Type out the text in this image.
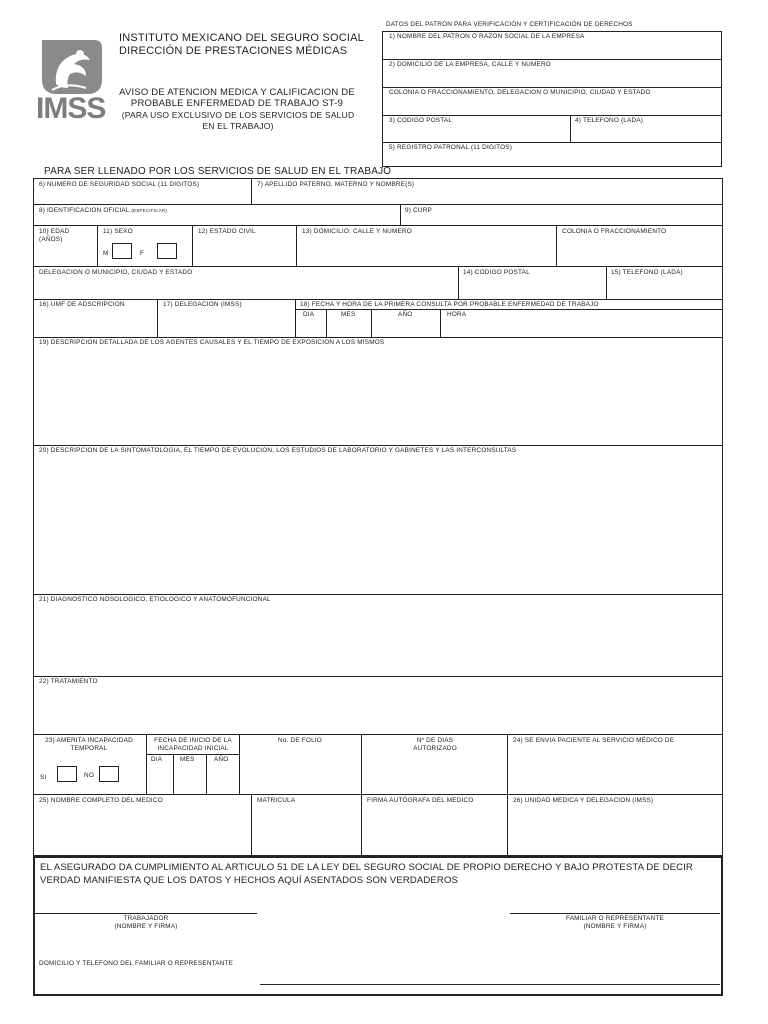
IMSS
INSTITUTO MEXICANO DEL SEGURO SOCIAL
DIRECCIÓN DE PRESTACIONES MÉDICAS
AVISO DE ATENCION MEDICA Y CALIFICACION DE
PROBABLE ENFERMEDAD DE TRABAJO ST-9
(PARA USO EXCLUSIVO DE LOS SERVICIOS DE SALUD EN EL TRABAJO)
DATOS DEL PATRÓN PARA VERIFICACIÓN Y CERTIFICACIÓN DE DERECHOS
1) NOMBRE DEL PATRON O RAZON SOCIAL DE LA EMPRESA
2) DOMICILIO DE LA EMPRESA, CALLE Y NUMERO
COLONIA O FRACCIONAMIENTO, DELEGACION O MUNICIPIO, CIUDAD Y ESTADO
3) CODIGO POSTAL	4) TELEFONO (LADA)
5) REGISTRO PATRONAL (11 DIGITOS)
PARA SER LLENADO POR LOS SERVICIOS DE SALUD EN EL TRABAJO
6) NUMERO DE SEGURIDAD SOCIAL (11 DIGITOS)	7) APELLIDO PATERNO, MATERNO Y NOMBRE(S)
8) IDENTIFICACION OFICIAL (ESPECIFICAR)	9) CURP
10) EDAD (AÑOS)
11) SEXO
M	F
12) ESTADO CIVIL	13) DOMICILIO: CALLE Y NUMERO	COLONIA O FRACCIONAMIENTO
DELEGACION O MUNICIPIO, CIUDAD Y ESTADO	14) CODIGO POSTAL	15) TELEFONO (LADA)
16) UMF DE ADSCRIPCION	17) DELEGACION (IMSS)	18) FECHA Y HORA DE LA PRIMERA CONSULTA POR PROBABLE ENFERMEDAD DE TRABAJO
DIA	MES	AÑO	HORA
19) DESCRIPCION DETALLADA DE LOS AGENTES CAUSALES Y EL TIEMPO DE EXPOSICION A LOS MISMOS
20) DESCRIPCION DE LA SINTOMATOLOGIA, EL TIEMPO DE EVOLUCION, LOS ESTUDIOS DE LABORATORIO Y GABINETES Y LAS INTERCONSULTAS
21) DIAGNOSTICO NOSOLOGICO, ETIOLOGICO Y ANATOMOFUNCIONAL
22) TRATAMIENTO
23) AMERITA INCAPACIDAD TEMPORAL
SI	NO
FECHA DE INICIO DE LA INCAPACIDAD INICIAL
DIA	MES	AÑO
No. DE FOLIO	Nº DE DIAS AUTORIZADO
24) SE ENVIA PACIENTE AL SERVICIO MÉDICO DE
25) NOMBRE COMPLETO DEL MEDICO	MATRICULA	FIRMA AUTÓGRAFA DEL MEDICO	26) UNIDAD MEDICA Y DELEGACION (IMSS)
EL ASEGURADO DA CUMPLIMIENTO AL ARTICULO 51 DE LA LEY DEL SEGURO SOCIAL DE PROPIO DERECHO Y BAJO PROTESTA DE DECIR VERDAD MANIFIESTA QUE LOS DATOS Y HECHOS AQUÍ ASENTADOS SON VERDADEROS
TRABAJADOR
(NOMBRE Y FIRMA)
FAMILIAR O REPRESENTANTE
(NOMBRE Y FIRMA)
DOMICILIO Y TELEFONO DEL FAMILIAR O REPRESENTANTE
